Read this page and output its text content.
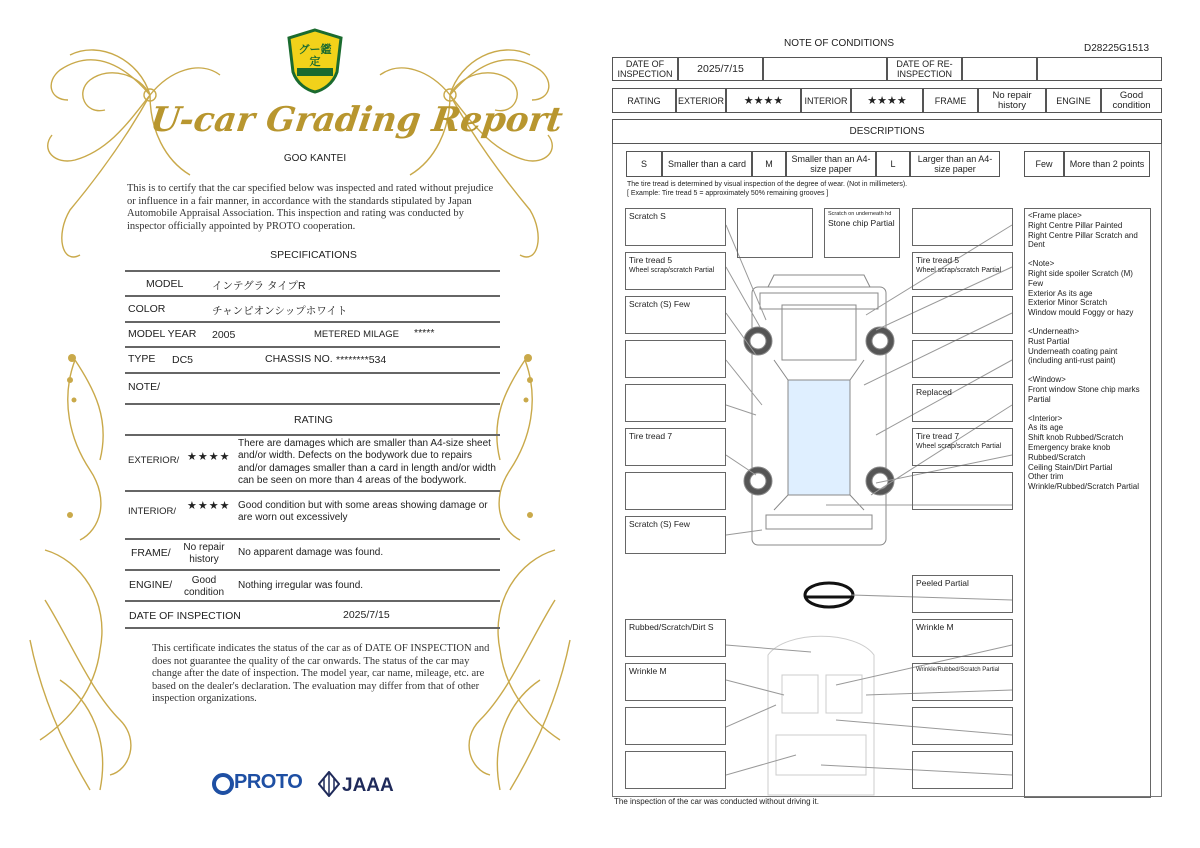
グー鑑定
U-car Grading Report
GOO KANTEI
This is to certify that the car specified below was inspected and rated without prejudice or influence in a fair manner, in accordance with the standards stipulated by Japan Automobile Appraisal Association. This inspection and rating was conducted by inspector officially appointed by PROTO cooperation.
SPECIFICATIONS
MODEL	インテグラ タイプR
COLOR	チャンピオンシップホワイト
MODEL YEAR 2005	METERED MILAGE *****
TYPE DC5	CHASSIS NO. ********534
NOTE/
RATING
EXTERIOR/ ★★★★
There are damages which are smaller than A4-size sheet and/or width. Defects on the bodywork due to repairs and/or damages smaller than a card in length and/or width can be seen on more than 4 areas of the bodywork.
INTERIOR/ ★★★★ Good condition but with some areas showing damage or are worn out excessively
FRAME/	No repair history
No apparent damage was found.
ENGINE/	Good condition
Nothing irregular was found.
DATE OF INSPECTION	2025/7/15
This certificate indicates the status of the car as of DATE OF INSPECTION and does not guarantee the quality of the car onwards. The status of the car may change after the date of inspection. The model year, car name, mileage, etc. are based on the dealer's declaration. The evaluation may differ from that of other inspection organizations.
PROTO JAAA
NOTE OF CONDITIONS	D28225G1513
DATE OF INSPECTION	2025/7/15	DATE OF RE-INSPECTION
RATING	EXTERIOR	★★★★	INTERIOR	★★★★	FRAME	No repair history	ENGINE	Good condition
DESCRIPTIONS
S	Smaller than a card	M	Smaller than an A4-size paper	L	Larger than an A4-size paper	Few	More than 2 points
The tire tread is determined by visual inspection of the degree of wear. (Not in millimeters).
[ Example: Tire tread 5 = approximately 50% remaining grooves ]
Scratch S
Tire tread 5
Wheel scrap/scratch Partial
Scratch (S) Few
Tire tread 7
Scratch (S) Few
Scratch on underneath hd
Stone chip Partial
Tire tread 5
Wheel scrap/scratch Partial
Replaced
Tire tread 7
Wheel scrap/scratch Partial
Rubbed/Scratch/Dirt S
Wrinkle M
Peeled Partial
Wrinkle M
Wrinkle/Rubbed/Scratch Partial
<Frame place>
Right Centre Pillar Painted
Right Centre Pillar Scratch and Dent
<Note>
Right side spoiler Scratch (M) Few
Exterior As its age
Exterior Minor Scratch
Window mould Foggy or hazy
<Underneath>
Rust Partial
Underneath coating paint (including anti-rust paint)
<Window>
Front window Stone chip marks Partial
<Interior>
As its age
Shift knob Rubbed/Scratch
Emergency brake knob Rubbed/Scratch
Ceiling Stain/Dirt Partial
Other trim
Wrinkle/Rubbed/Scratch Partial
The inspection of the car was conducted without driving it.
